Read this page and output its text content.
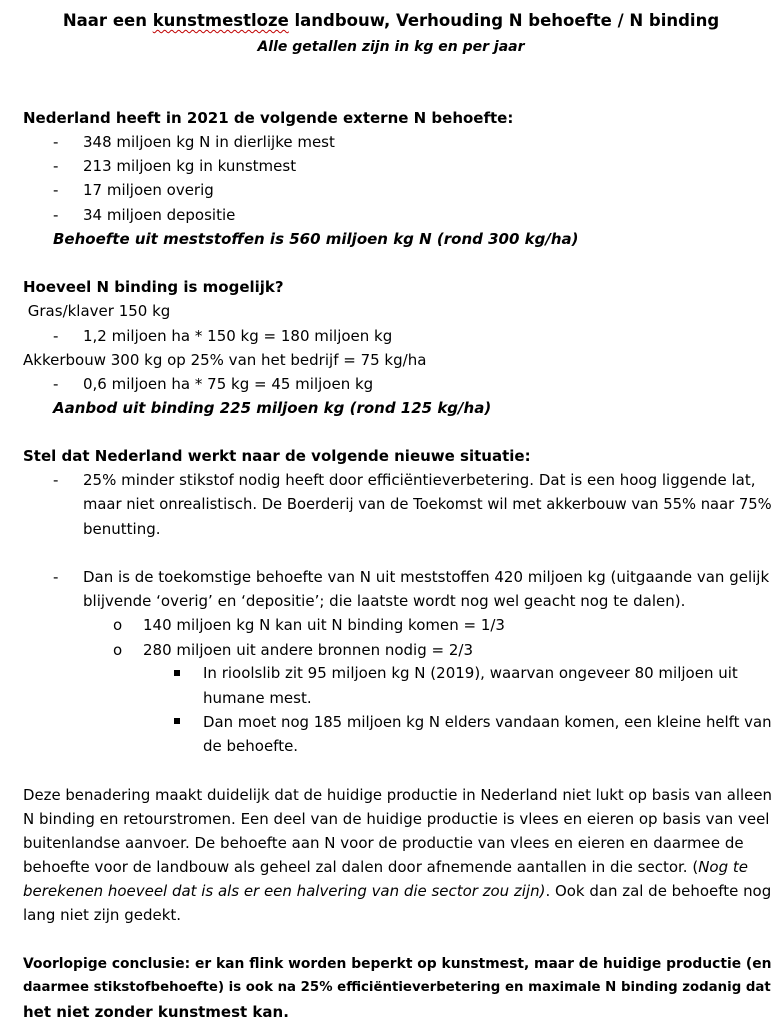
Naar een kunstmestloze landbouw, Verhouding N behoefte / N binding
Alle getallen zijn in kg en per jaar
Nederland heeft in 2021 de volgende externe N behoefte:
- 348 miljoen kg N in dierlijke mest
- 213 miljoen kg in kunstmest
- 17 miljoen overig
- 34 miljoen depositie
Behoefte uit meststoffen is 560 miljoen kg N (rond 300 kg/ha)
Hoeveel N binding is mogelijk?
Gras/klaver 150 kg
- 1,2 miljoen ha * 150 kg = 180 miljoen kg
Akkerbouw 300 kg op 25% van het bedrijf = 75 kg/ha
- 0,6 miljoen ha * 75 kg = 45 miljoen kg
Aanbod uit binding 225 miljoen kg (rond 125 kg/ha)
Stel dat Nederland werkt naar de volgende nieuwe situatie:
- 25% minder stikstof nodig heeft door efficiëntieverbetering. Dat is een hoog liggende lat,
maar niet onrealistisch. De Boerderij van de Toekomst wil met akkerbouw van 55% naar 75%
benutting.
- Dan is de toekomstige behoefte van N uit meststoffen 420 miljoen kg (uitgaande van gelijk
blijvende ‘overig’ en ‘depositie’; die laatste wordt nog wel geacht nog te dalen).
o 140 miljoen kg N kan uit N binding komen = 1/3
o 280 miljoen uit andere bronnen nodig = 2/3
In rioolslib zit 95 miljoen kg N (2019), waarvan ongeveer 80 miljoen uit
humane mest.
Dan moet nog 185 miljoen kg N elders vandaan komen, een kleine helft van
de behoefte.
Deze benadering maakt duidelijk dat de huidige productie in Nederland niet lukt op basis van alleen
N binding en retourstromen. Een deel van de huidige productie is vlees en eieren op basis van veel
buitenlandse aanvoer. De behoefte aan N voor de productie van vlees en eieren en daarmee de
behoefte voor de landbouw als geheel zal dalen door afnemende aantallen in die sector. (Nog te
berekenen hoeveel dat is als er een halvering van die sector zou zijn). Ook dan zal de behoefte nog
lang niet zijn gedekt.
Voorlopige conclusie: er kan flink worden beperkt op kunstmest, maar de huidige productie (en
daarmee stikstofbehoefte) is ook na 25% efficiëntieverbetering en maximale N binding zodanig dat
het niet zonder kunstmest kan.
